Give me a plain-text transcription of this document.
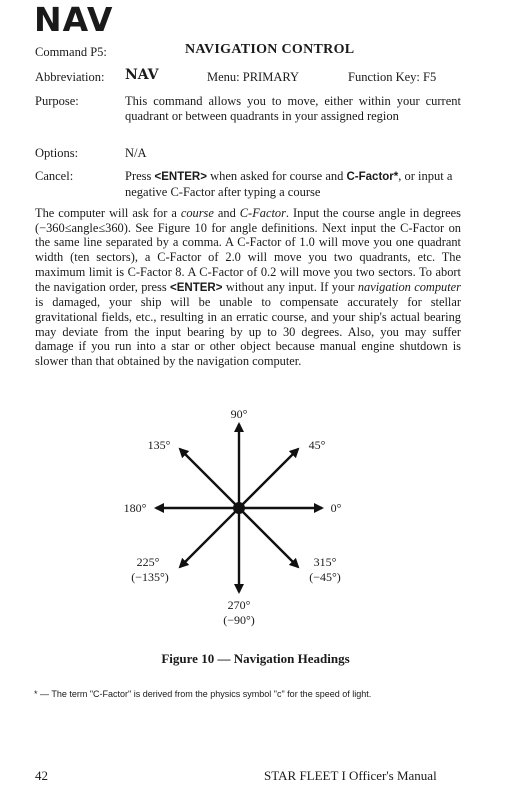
NAV
Command P5:	NAVIGATION CONTROL
Abbreviation: NAV	Menu: PRIMARY	Function Key: F5
Purpose:	This command allows you to move, either within your current quadrant or between quadrants in your assigned region
Options:	N/A
Cancel:	Press <ENTER> when asked for course and C-Factor*, or input a negative C-Factor after typing a course
The computer will ask for a course and C-Factor. Input the course angle in degrees (−360≤angle≤360). See Figure 10 for angle definitions. Next input the C-Factor on the same line separated by a comma. A C-Factor of 1.0 will move you one quadrant width (ten sectors), a C-Factor of 2.0 will move you two quadrants, etc. The maximum limit is C-Factor 8. A C-Factor of 0.2 will move you two sectors. To abort the navigation order, press <ENTER> without any input. If your navigation computer is damaged, your ship will be unable to compensate accurately for stellar gravitational fields, etc., resulting in an erratic course, and your ship's actual bearing may deviate from the input bearing by up to 30 degrees. Also, you may suffer damage if you run into a star or other object because manual engine shutdown is slower than that obtained by the navigation computer.
90°
45°
0°
315°
(−45°)
270°
(−90°)
225°
(−135°)
180°
135°
Figure 10 — Navigation Headings
* — The term "C-Factor" is derived from the physics symbol "c" for the speed of light.
42	STAR FLEET I Officer's Manual
